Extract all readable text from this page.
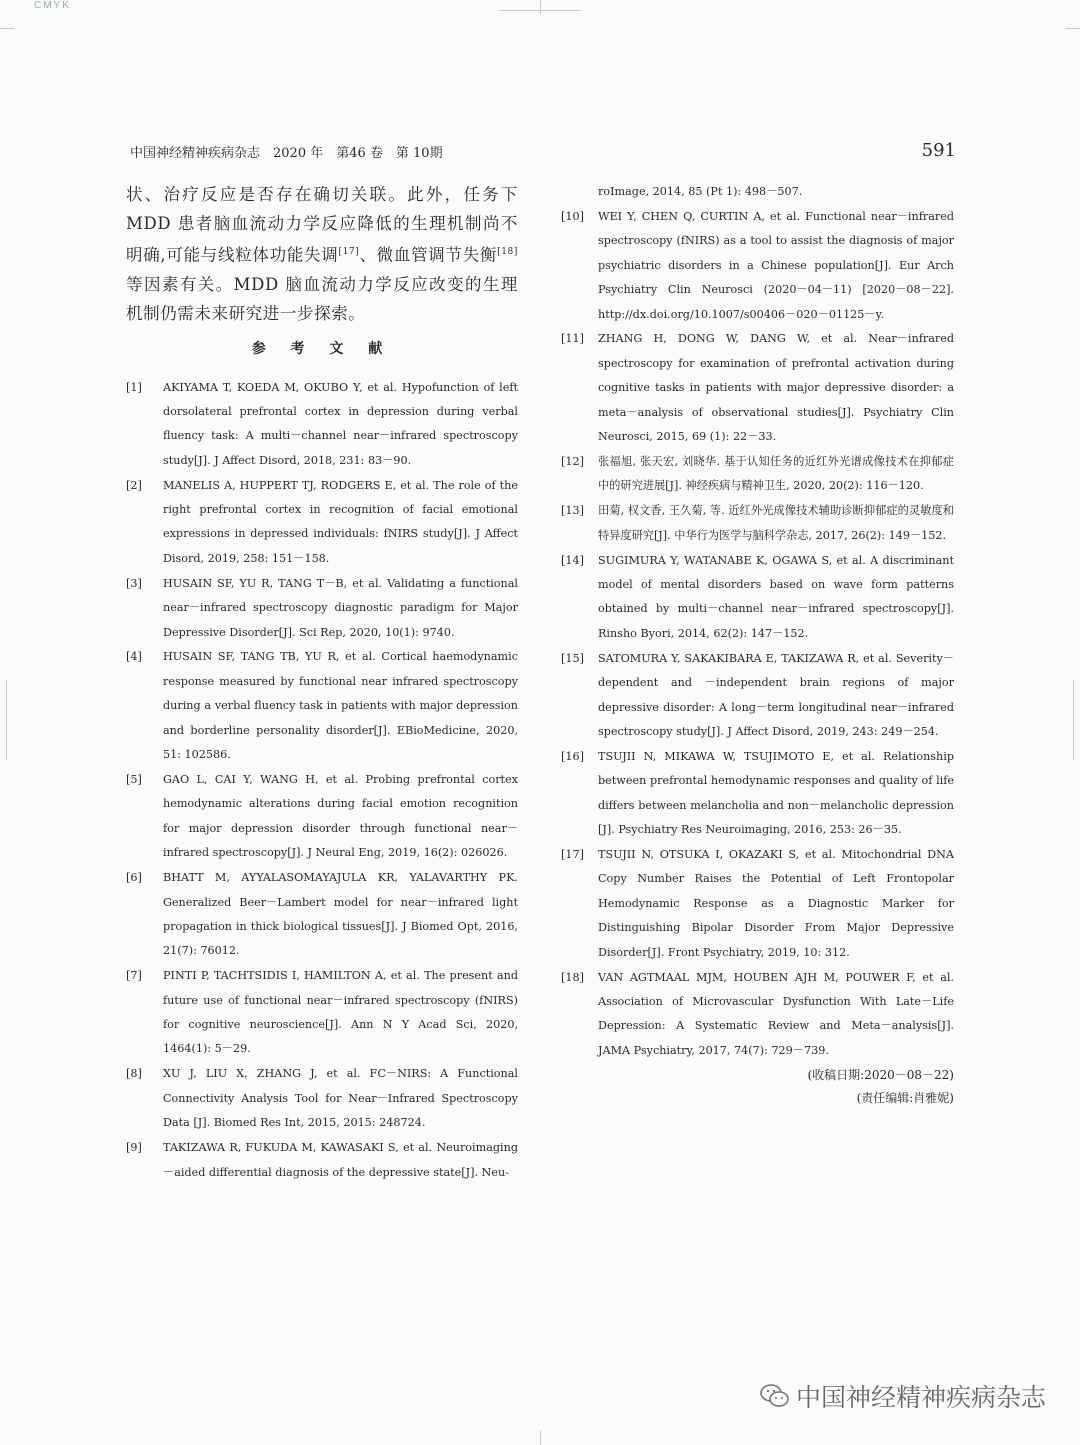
CMYK
中国神经精神疾病杂志　2020 年　第46 卷　第 10期	591

状、治疗反应是否存在确切关联。此外，任务下MDD 患者脑血流动力学反应降低的生理机制尚不明确,可能与线粒体功能失调[17]、微血管调节失衡[18]等因素有关。MDD 脑血流动力学反应改变的生理机制仍需未来研究进一步探索。

参 考 文 献
[1] AKIYAMA T, KOEDA M, OKUBO Y, et al. Hypofunction of left dorsolateral prefrontal cortex in depression during verbal fluency task: A multi－channel near－infrared spectroscopy study[J]. J Affect Disord, 2018, 231: 83－90.
[2] MANELIS A, HUPPERT TJ, RODGERS E, et al. The role of the right prefrontal cortex in recognition of facial emotional expressions in depressed individuals: fNIRS study[J]. J Affect Disord, 2019, 258: 151－158.
[3] HUSAIN SF, YU R, TANG T－B, et al. Validating a functional near－infrared spectroscopy diagnostic paradigm for Major Depressive Disorder[J]. Sci Rep, 2020, 10(1): 9740.
[4] HUSAIN SF, TANG TB, YU R, et al. Cortical haemodynamic response measured by functional near infrared spectroscopy during a verbal fluency task in patients with major depression and borderline personality disorder[J]. EBioMedicine, 2020, 51: 102586.
[5] GAO L, CAI Y, WANG H, et al. Probing prefrontal cortex hemodynamic alterations during facial emotion recognition for major depression disorder through functional near－infrared spectroscopy[J]. J Neural Eng, 2019, 16(2): 026026.
[6] BHATT M, AYYALASOMAYAJULA KR, YALAVARTHY PK. Generalized Beer－Lambert model for near－infrared light propagation in thick biological tissues[J]. J Biomed Opt, 2016, 21(7): 76012.
[7] PINTI P, TACHTSIDIS I, HAMILTON A, et al. The present and future use of functional near－infrared spectroscopy (fNIRS) for cognitive neuroscience[J]. Ann N Y Acad Sci, 2020, 1464(1): 5－29.
[8] XU J, LIU X, ZHANG J, et al. FC－NIRS: A Functional Connectivity Analysis Tool for Near－Infrared Spectroscopy Data [J]. Biomed Res Int, 2015, 2015: 248724.
[9] TAKIZAWA R, FUKUDA M, KAWASAKI S, et al. Neuroimaging－aided differential diagnosis of the depressive state[J]. Neu-
roImage, 2014, 85 (Pt 1): 498－507.
[10] WEI Y, CHEN Q, CURTIN A, et al. Functional near－infrared spectroscopy (fNIRS) as a tool to assist the diagnosis of major psychiatric disorders in a Chinese population[J]. Eur Arch Psychiatry Clin Neurosci (2020－04－11) [2020－08－22]. http://dx.doi.org/10.1007/s00406－020－01125－y.
[11] ZHANG H, DONG W, DANG W, et al. Near－infrared spectroscopy for examination of prefrontal activation during cognitive tasks in patients with major depressive disorder: a meta－analysis of observational studies[J]. Psychiatry Clin Neurosci, 2015, 69 (1): 22－33.
[12] 张福旭, 张天宏, 刘晓华. 基于认知任务的近红外光谱成像技术在抑郁症中的研究进展[J]. 神经疾病与精神卫生, 2020, 20(2): 116－120.
[13] 田菊, 权文香, 王久菊, 等. 近红外光成像技术辅助诊断抑郁症的灵敏度和特异度研究[J]. 中华行为医学与脑科学杂志, 2017, 26(2): 149－152.
[14] SUGIMURA Y, WATANABE K, OGAWA S, et al. A discriminant model of mental disorders based on wave form patterns obtained by multi－channel near－infrared spectroscopy[J]. Rinsho Byori, 2014, 62(2): 147－152.
[15] SATOMURA Y, SAKAKIBARA E, TAKIZAWA R, et al. Severity－dependent and －independent brain regions of major depressive disorder: A long－term longitudinal near－infrared spectroscopy study[J]. J Affect Disord, 2019, 243: 249－254.
[16] TSUJII N, MIKAWA W, TSUJIMOTO E, et al. Relationship between prefrontal hemodynamic responses and quality of life differs between melancholia and non－melancholic depression [J]. Psychiatry Res Neuroimaging, 2016, 253: 26－35.
[17] TSUJII N, OTSUKA I, OKAZAKI S, et al. Mitochondrial DNA Copy Number Raises the Potential of Left Frontopolar Hemodynamic Response as a Diagnostic Marker for Distinguishing Bipolar Disorder From Major Depressive Disorder[J]. Front Psychiatry, 2019, 10: 312.
[18] VAN AGTMAAL MJM, HOUBEN AJH M, POUWER F, et al. Association of Microvascular Dysfunction With Late－Life Depression: A Systematic Review and Meta－analysis[J]. JAMA Psychiatry, 2017, 74(7): 729－739.
(收稿日期:2020－08－22)
(责任编辑:肖雅妮)
中国神经精神疾病杂志
